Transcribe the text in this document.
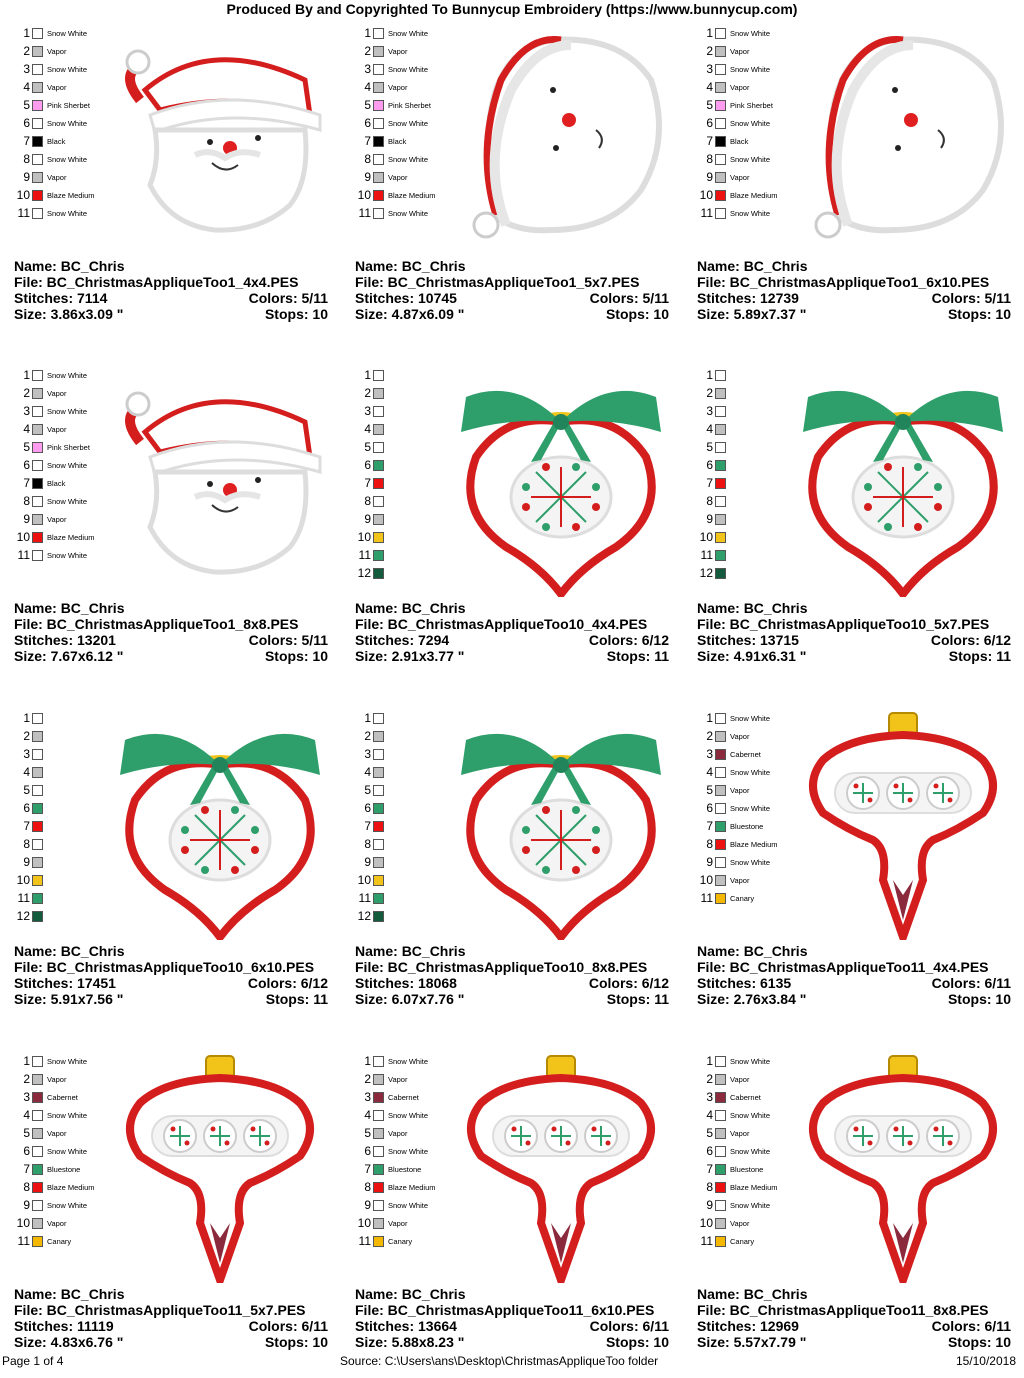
Produced By and Copyrighted To Bunnycup Embroidery (https://www.bunnycup.com)
1 Snow White
2 Vapor
3 Snow White
4 Vapor
5 Pink Sherbet
6 Snow White
7 Black
8 Snow White
9 Vapor
10 Blaze Medium
11 Snow White
Name: BC_Chris
File: BC_ChristmasAppliqueToo1_4x4.PES
Stitches: 7114	Colors: 5/11
Size: 3.86x3.09 "	Stops: 10
1 Snow White
2 Vapor
3 Snow White
4 Vapor
5 Pink Sherbet
6 Snow White
7 Black
8 Snow White
9 Vapor
10 Blaze Medium
11 Snow White
Name: BC_Chris
File: BC_ChristmasAppliqueToo1_5x7.PES
Stitches: 10745	Colors: 5/11
Size: 4.87x6.09 "	Stops: 10
1 Snow White
2 Vapor
3 Snow White
4 Vapor
5 Pink Sherbet
6 Snow White
7 Black
8 Snow White
9 Vapor
10 Blaze Medium
11 Snow White
Name: BC_Chris
File: BC_ChristmasAppliqueToo1_6x10.PES
Stitches: 12739	Colors: 5/11
Size: 5.89x7.37 "	Stops: 10
1 Snow White
2 Vapor
3 Snow White
4 Vapor
5 Pink Sherbet
6 Snow White
7 Black
8 Snow White
9 Vapor
10 Blaze Medium
11 Snow White
Name: BC_Chris
File: BC_ChristmasAppliqueToo1_8x8.PES
Stitches: 13201	Colors: 5/11
Size: 7.67x6.12 "	Stops: 10
1
2
3
4
5
6
7
8
9
10
11
12
Name: BC_Chris
File: BC_ChristmasAppliqueToo10_4x4.PES
Stitches: 7294	Colors: 6/12
Size: 2.91x3.77 "	Stops: 11
1
2
3
4
5
6
7
8
9
10
11
12
Name: BC_Chris
File: BC_ChristmasAppliqueToo10_5x7.PES
Stitches: 13715	Colors: 6/12
Size: 4.91x6.31 "	Stops: 11
1
2
3
4
5
6
7
8
9
10
11
12
Name: BC_Chris
File: BC_ChristmasAppliqueToo10_6x10.PES
Stitches: 17451	Colors: 6/12
Size: 5.91x7.56 "	Stops: 11
1
2
3
4
5
6
7
8
9
10
11
12
Name: BC_Chris
File: BC_ChristmasAppliqueToo10_8x8.PES
Stitches: 18068	Colors: 6/12
Size: 6.07x7.76 "	Stops: 11
1 Snow White
2 Vapor
3 Cabernet
4 Snow White
5 Vapor
6 Snow White
7 Bluestone
8 Blaze Medium
9 Snow White
10 Vapor
11 Canary
Name: BC_Chris
File: BC_ChristmasAppliqueToo11_4x4.PES
Stitches: 6135	Colors: 6/11
Size: 2.76x3.84 "	Stops: 10
1 Snow White
2 Vapor
3 Cabernet
4 Snow White
5 Vapor
6 Snow White
7 Bluestone
8 Blaze Medium
9 Snow White
10 Vapor
11 Canary
Name: BC_Chris
File: BC_ChristmasAppliqueToo11_5x7.PES
Stitches: 11119	Colors: 6/11
Size: 4.83x6.76 "	Stops: 10
1 Snow White
2 Vapor
3 Cabernet
4 Snow White
5 Vapor
6 Snow White
7 Bluestone
8 Blaze Medium
9 Snow White
10 Vapor
11 Canary
Name: BC_Chris
File: BC_ChristmasAppliqueToo11_6x10.PES
Stitches: 13664	Colors: 6/11
Size: 5.88x8.23 "	Stops: 10
1 Snow White
2 Vapor
3 Cabernet
4 Snow White
5 Vapor
6 Snow White
7 Bluestone
8 Blaze Medium
9 Snow White
10 Vapor
11 Canary
Name: BC_Chris
File: BC_ChristmasAppliqueToo11_8x8.PES
Stitches: 12969	Colors: 6/11
Size: 5.57x7.79 "	Stops: 10
Page 1 of 4	Source: C:\Users\ans\Desktop\ChristmasAppliqueToo folder	15/10/2018
